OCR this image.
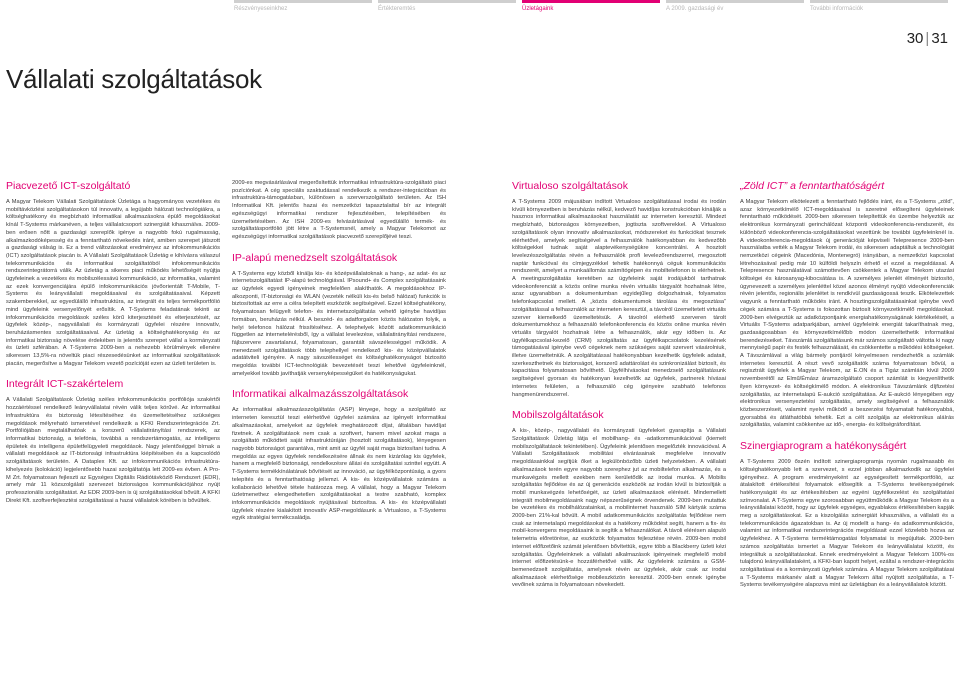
Részvényeseinkhez	Értékteremtés	Üzletágaink	A 2009. gazdasági év	További információk
30 | 31
Vállalati szolgáltatások
Piacvezető ICT-szolgáltató

A Magyar Telekom Vállalati Szolgáltatások Üzletága a hagyományos vezetékes és mobiltávközlési szolgáltatásokon túl innovatív, a legújabb hálózati technológiákra, a költséghatékony és megbízható informatikai alkalmazásokra épülő megoldásokat kínál T-Systems márkanéven, a teljes vállalatcsoport szinergiáit kihasználva. 2009-ben erősen nőtt a gazdasági szereplők igénye a nagyobb fokú rugalmasság, alkalmazkodóképesség és a fenntartható növekedés iránt, amiben szerepet játszott a gazdasági válság is. Ez a trend változásokat eredményez az infokommunikációs (ICT) szolgáltatások piacán is. A Vállalati Szolgáltatások Üzletág e kihívásra válaszul telekommunikációs és informatikai szolgáltatóból infokommunikációs rendszerintegrátorrá válik. Az üzletág a sikeres piaci működés lehetőségét nyújtja ügyfeleinek a vezetékes és mobilszélessávú kommunikáció, az informatika, valamint az ezek konvergenciájára épülő infokommunikációs jövőorientált T-Mobile, T-Systems és leányvállalati megoldásaival és szolgáltatásaival. Képzett szakemberekkel, az egyedülálló infrastruktúra, az integrált és teljes termékportfólió mind ügyfeleink versenyelőnyét erősítik. A T-Systems feladatának tekinti az infokommunikációs megoldások széles körű kiterjesztését és elterjesztését, az ügyfelek közép-, nagyvállalati és kormányzati ügyfelei részére innovatív, beruházásmentes szolgáltatásaival. Az üzletág a költséghatékonyság és az informatikai biztonság növelése érdekében is jelentős szerepet vállal a kormányzati és üzleti szférában. A T-Systems 2009-ben a nehezebb körülmények ellenére sikeresen 13,5%-ra növeltük piaci részesedésünket az informatikai szolgáltatások piacán, megerősítve a Magyar Telekom vezető pozícióját ezen az üzleti területen is.

Integrált ICT-szakértelem

A Vállalati Szolgáltatások Üzletág széles infokommunikációs portfóliója szakértői hozzáértéssel rendelkező leányvállalatai révén válik teljes körűvé. Az informatikai infrastruktúra és biztonság létesítéséhez és üzemeltetéséhez szükséges megoldások mélyreható ismeretével rendelkezik a KFKI Rendszerintegrációs Zrt. Portfóliójában megtalálhatóak a korszerű vállalatirányítási rendszerek, az informatikai biztonság, a telefónia, továbbá a rendszertámogatás, az intelligens épületek és intelligens épületfelügyeleti megoldások. Nagy jelentőséggel bírnak a vállalati megoldások az IT-biztonsági infrastruktúra kiépítésében és a kapcsolódó szolgáltatások területén. A Dataplex Kft. az infokommunikációs infrastruktúra-kihelyezés (kolokáció) legjelentősebb hazai szolgáltatója lett 2009-es évben. A Pro-M Zrt. folyamatosan fejleszti az Egységes Digitális Rádiótávközlő Rendszert (EDR), amely már 11 közszolgálati szervezet biztonságos kommunikációjához nyújt professzionális szolgáltatást. Az EDR 2009-ben is új szolgáltatásokkal bővült. A KFKI Direkt Kft. szoftverfejlesztési szolgáltatásai a hazai vállalatok körében is bővültek.

2009-es megvásárlásával megerősítettük informatikai infrastruktúra-szolgáltató piaci pozíciónkat. A cég speciális szaktudással rendelkezik a rendszer-integrációban és infrastruktúra-támogatásban, különösen a szerverszolgáltató területen. Az ISH Informatikai Kft. jelentős hazai és nemzetközi tapasztalattal bír az integrált egészségügyi informatikai rendszer fejlesztésében, telepítésében és üzemeltetésében. Az ISH 2009-es felvásárlásával egyedülálló termék- és szolgáltatásportfólió jött létre a T-Systemsnél, amely a Magyar Telekomot az egészségügyi informatikai szolgáltatások piacvezető szereplőjévé teszi.

IP-alapú menedzselt szolgáltatások

A T-Systems egy közből kínálja kis- és középvállalatoknak a hang-, az adat- és az internetszolgáltatást IP-alapú technológiával. IPsound+ és Complex szolgáltatásaink az ügyfelek egyedi igényeinek megfelelően alakíthatók. A megoldásokhoz IP-alkozponti, IT-biztonsági és WLAN (vezeték nélküli kis-és belső hálózat) funkciók is biztosítottak az erre a célra telepített eszközök segítségével. Ezzel költséghatékony, folyamatosan felügyelt telefon- és internetszolgáltatás vehető igénybe havidíjas formában, beruházás nélkül. A beszéd- és adatforgalom közös hálózaton folyik, a helyi telefonos hálózat frissítéséhez. A telephelyek között adatkommunikáció független az internetelérésből, így a vállalat levelezése, vállalatirányítási rendszere, fájlszervere zavartalanul, folyamatosan, garantált sávszélességgel működik. A menedzselt szolgáltatások több telephellyel rendelkező kis- és középvállalatok adatátviteli igényére. A nagy sávszélességet és költséghatékonyságot biztosító megoldás további ICT-technológiák bevezetését teszi lehetővé ügyfeleinknél, amelyekkel tovább javíthatják versenyképességüket és hatékonyságukat.

Informatikai alkalmazásszolgáltatások

Az informatikai alkalmazásszolgáltatás (ASP) lényege, hogy a szolgáltató az interneten keresztül teszi elérhetővé ügyfelei számára az igényelt informatikai alkalmazásokat, amelyeket az ügyfelek meghatározott díjat, általában havidíjat fizetnek. A szolgáltatások nem csak a szoftvert, hanem mivel azokat maga a szolgáltató működteti saját infrastruktúráján (hosztolt szolgáltatások), lényegesen nagyobb biztonságot garantálva, mint amit az ügyfél saját maga biztosítani tudna. A megoldás az egyes ügyfelek rendelkezésére állnak és nem kizárólag kis ügyfelek, hanem a megfelelő biztonsági, rendelkezésre állási és szolgáltatási szinttel együtt. A T-Systems termékkínálatának bővítését az innováció, az ügyfélközpontúság, a gyors telepítés és a fenntarthatóság jellemzi. A kis- és középvállalatok számára a kollaboráció lehetővé tétele határozza meg. A vállalat, hogy a Magyar Telekom üzletmenethez elengedhetetlen szolgáltatásokat a testre szabható, komplex infokommunikációs megoldások nyújtásával biztosítsa. A kis- és középvállalati ügyfelek részére kialakított innovatív ASP-megoldásunk a Virtualoso, a T-Systems egyik stratégiai termékcsaládja.

Virtualoso szolgáltatások

A T-Systems 2009 májusában indított Virtualoso szolgáltatással irodai és irodán kívüli környezetben is beruházás nélkül, kedvező havidíjas konstrukcióban kínálják a hasznos informatikai alkalmazásokat használatát az interneten keresztül. Mindezt megbízható, biztonságos környezetben, jogtiszta szoftverekkel. A Virtualoso szolgáltatások olyan innovatív alkalmazásokat, módszereket és funkciókat tesznek elérhetővé, amelyek segítségével a felhasználók hatékonyabban és kedvezőbb költségekkel tudnak saját alaptevékenységükre koncentrálni. A hosztolt levelezésszolgáltatás révén a felhasználók profi levelezőrendszerrel, megosztott naptár funkcióval és címjegyzékkel tehetik hatékonnyá céguk kommunikációs rendszerét, amelyet a munkaállomás számítógépen és mobiltelefonon is elérhetnek. A meetingszolgáltatás keretében az ügyfeleink saját irodájukból tarthatnak videokonferenciát a közös online munka révén virtuális tárgyalót hozhatnak létre, azaz ugyanabban a dokumentumban egyidejűleg dolgozhatnak, folyamatos telefonkapcsolat mellett. A „közös dokumentumok tárolása és megosztása” szolgáltatással a felhasználók az interneten keresztül, a távolról üzemeltetett virtuális szerver kiemelkedő üzemeltetésük. A távolról elérhető szerveren tárolt dokumentumokhoz a felhasználó telefonkonferencia és közös online munka révén virtuális tárgyalót hozhatnak létre a felhasználók, akár egy időben is. Az ügyfélkapcsolat-kezelő (CRM) szolgáltatás az ügyfélkapcsolatok kezelésének támogatásával igénybe vevő cégeknek nem szükséges saját szervert vásárolniuk, illetve üzemeltetniük. A szolgáltatással hatékonyabban kezelhetik ügyfeleik adatait, szerkeszthetnek és biztonságot, korszerű adattárolást és szinkronizálást biztosít, és kapacitása folyamatosan bővíthető. Ügyfélhívásokat menedzselő szolgáltatásunk segítségével gyorsan és hatékonyan kezelhetők az ügyfelek, partnerek hívásai internetes felületen, a felhasználó cég igényeire szabható telefonos hangmenürendszerrel.

Mobilszolgáltatások

A kis-, közép-, nagyvállalati és kormányzati ügyfeleket gyarapítja a Vállalati Szolgáltatások Üzletág látja el mobilhang- és -adatkommunikációval (kiemelt mobilszolgáltatások tekintetében). Ügyfeleink jelentősen megelőzték innovációval. A Vállalati Szolgáltatások mobilitási elvárásainak megfelelve innovatív megoldásainkkal segítjük őket a legkülönbözőbb üzleti helyzetekben. A vállalati alkalmazások terén egyre nagyobb szerephez jut az mobiltelefon alkalmazás, és a munkavégzés mellett ezekben nem kerületődik az irodai munka. A Mobilis szolgáltatás fejlődése és az új generációs eszközök az irodán kívül is biztosítják a mobil munkavégzés lehetőségét, az üzleti alkalmazások elérését. Mindemellett integrált mobilmegoldásaink nagy népszerűségnek örvendenek. 2009-ben mutattuk be vezetékes és mobilhálózatainkat, a mobilinternet használó SIM kártyák száma 2009-ben 21%-kal bővült. A mobil adatkommunikációs szolgáltatás fejlődése nem csak az internetalapú megoldásokat és a hatékony működést segíti, hanem a fix- és mobil-konvergens megoldásaink is segítik a felhasználókat. A távoli elérésen alapuló telemetria előretörése, az eszközök folyamatos fejlesztése révén. 2009-ben mobil internet előfizetőink számát jelentősen bővítettük, egyre több a Blackberry üzleti kézi szolgáltatás. Ügyfeleinknek a vállalati alkalmazások igényeinek megfelelő mobil internet előfizetésünk-e hozzáférhetővé válik. Az ügyfeleink számára a GSM-bemenedzselt szolgáltatás, amelynek révén az ügyfelek, akár csak az irodai alkalmazások elérhetősége mobileszközön keresztül. 2009-ben ennek igénybe vevőinek száma is folyamatosan növekedett.

„Zöld ICT” a fenntarthatóságért

A Magyar Telekom elkötelezett a fenntartható fejlődés iránt, és a T-Systems „zöld”, azaz környezetkímélő ICT-megoldásaival is szeretné elősegíteni ügyfeleinek fenntartható működését. 2009-ben sikeresen telepítettük és üzembe helyeztük az elektronikus kormányzati gerinchálózat központi videokonferencia-rendszerét, és különböző videokonferencia-szolgáltatásokat vezettünk be további ügyfeleinknél is. A videokonferencia-megoldások új generációját képviseli Telepresence 2009-ben használatba vették a Magyar Telekom irodái, és sikeresen adaptáltuk a technológiát nemzetközi cégeink (Macedónia, Montenegró) irányában, a nemzetközi kapcsolat létrehozásával pedig már 10 külföldi helyszín érhető el ezzel a megoldással. A Telepresence használatával számottevően csökkentek a Magyar Telekom utazási költségei és károsanyag-kibocsátása is. A személyes jelenlét élményét biztosító, úgynevezett a személyes jelenléttel közel azonos élményt nyújtó videokonferenciák révén jelentős, regionális jelenlétet is rendkívül gazdaságossá teszik. Elkötelezettek vagyunk a fenntartható működés iránt. A hosztingszolgáltatásainkat igénybe vevő cégek számára a T-Systems is fokozottan biztosít környezetkímélő megoldásokat. 2009-ben elvégeztük az adatközpontjaink energiahatékonyságának kiértékelését, a Virtuális T-Systems adatparkjában, amivel ügyfeleink energiát takaríthatnak meg, gazdaságosabban és környezetkímélőbb módon üzemeltethetik informatikai berendezéseiket. Távszámlá szolgáltatásunk már számos szolgáltató váltotta ki nagy mennyiségű papír és festék felhasználását, és csökkentette a működési költségeket. A Távszámlával a világ bármely pontjáról kényelmesen rendezhetők a számlák internetes keresztül. A részt vevő szolgáltatók száma folyamatosan bővül, a regisztrált ügyfelek a Magyar Telekom, az E.ON és a Tigáz számláin kívül 2009 novemberétől az Elmű/Émász áramszolgáltató csoport számláit is kiegyenlíthetik ilyen környezet- és költségkímélő módon. A elektronikus Távszámlánk díjfizetési szolgáltatás, az internetalapú E-aukció szolgáltatása. Az E-aukció lényegében egy elektronikus versenyeztetési szolgáltatás, amely segítségével a felhasználók közbeszerzéseit, valamint nyelvi működő a beszerzési folyamatait hatékonyabbá, gyorsabbá és átláthatóbbá tehetik. Ezt a célt szolgálja az elektronikus aláírás szolgáltatás, valamint csökkentve az idő-, energia- és költségráfordítást.

Szinergiaprogram a hatékonyságért

A T-Systems 2009 őszén indított szinergiaprogramja nyomán rugalmasabb és költséghatékonyabb lett a szervezet, s ezzel jobban alkalmazkodik az ügyfelei igényeihez. A program eredményeként az egységesített termékportfólió, az átalakított értékesítési folyamatok elősegítik a T-Systems tevékenységének hatékonyságát és az értékesítésben az egyéni ügyfélkezelést és szolgáltatási színvonalat. A T-Systems egyre szorosabban együttműködik a Magyar Telekom és a leányvállalatai között, hogy az ügyfelek egységes, egyablakos értékesítésben kapják meg a szolgáltatásokat. Ez a kiszolgálás szinergiáit kihasználva, a vállalati és a telekommunikációs ágazatokban is. Az új modellt a hang- és adatkommunikációs, valamint az informatikai rendszerintegrációs megoldásait ezzel közelebb hozva az ügyfelekhez. A T-Systems terméktámogatási folyamatai is megújultak. 2009-ben számos szolgáltatás ismertet a Magyar Telekom és leányvállalatai között, és integráltuk a szolgáltatásokat. Ennek eredményeként a Magyar Telekom 100%-os tulajdonú leányvállalataként, a KFKI-ban kapott helyet, ezáltal a rendszer-integrációs szolgáltatásai és a kormányzati ügyfelek számára. A Magyar Telekom szolgáltatásai a T-Systems márkanév alatt a Magyar Telekom által nyújtott szolgáltatás, a T-Systems tevékenységére alapozva mint az üzletágban és a leányvállalatok között.
